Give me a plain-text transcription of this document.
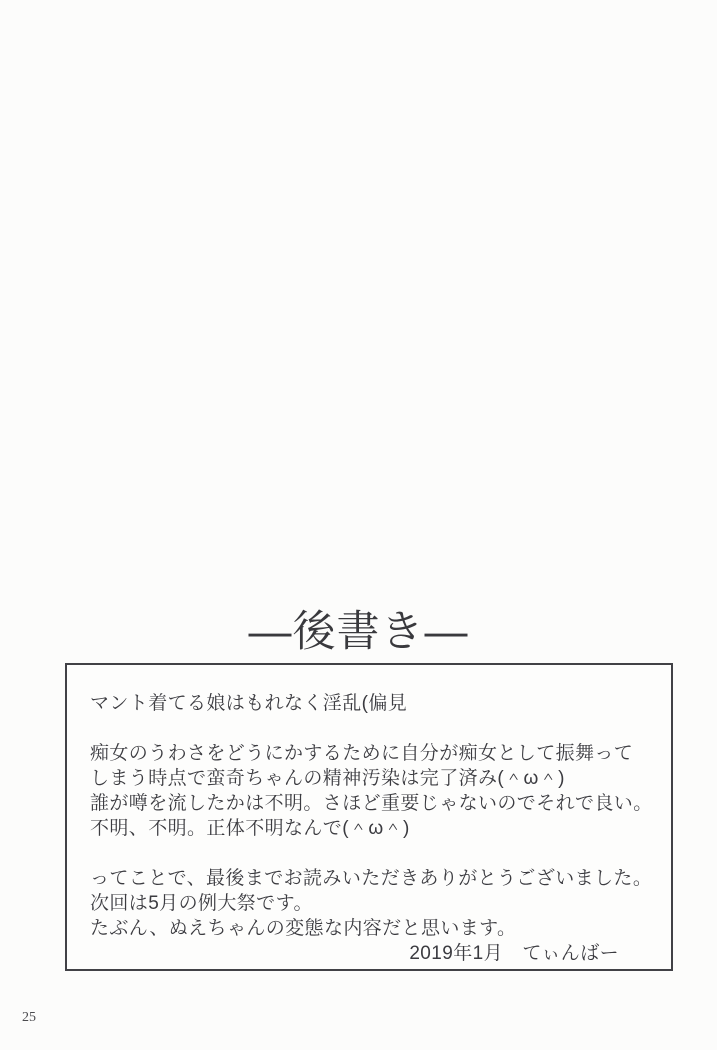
—後書き—
マント着てる娘はもれなく淫乱(偏見
痴女のうわさをどうにかするために自分が痴女として振舞って
しまう時点で蛮奇ちゃんの精神汚染は完了済み(＾ω＾)
誰が噂を流したかは不明。さほど重要じゃないのでそれで良い。
不明、不明。正体不明なんで(＾ω＾)
ってことで、最後までお読みいただきありがとうございました。
次回は5月の例大祭です。
たぶん、ぬえちゃんの変態な内容だと思います。
2019年1月　てぃんばー
25
